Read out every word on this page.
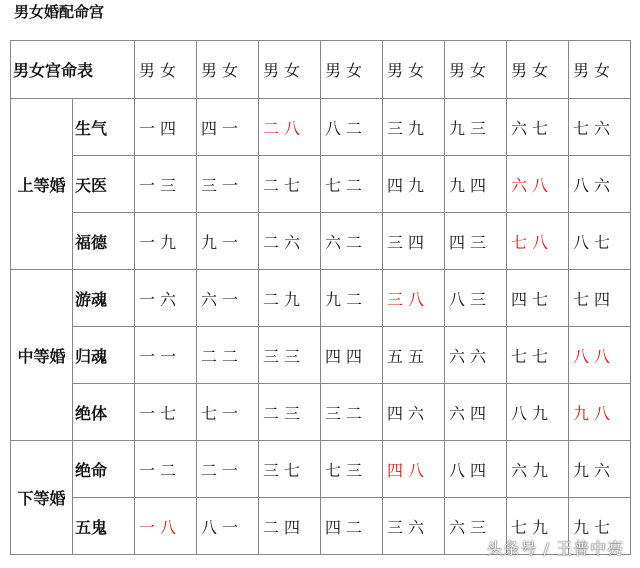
男女婚配命宫
男女宫命表		男女	男女	男女	男女	男女	男女	男女	男女
上等婚	生气	一四	四一	二八	八二	三九	九三	六七	七六
	天医	一三	三一	二七	七二	四九	九四	六八	八六
	福德	一九	九一	二六	六二	三四	四三	七八	八七
中等婚	游魂	一六	六一	二九	九二	三八	八三	四七	七四
	归魂	一一	二二	三三	四四	五五	六六	七七	八八
	绝体	一七	七一	二三	三二	四六	六四	八九	九八
下等婚	绝命	一二	二一	三七	七三	四八	八四	六九	九六
	五鬼	一八	八一	二四	四二	三六	六三	七九	九七
头条号 / 王普中亮
